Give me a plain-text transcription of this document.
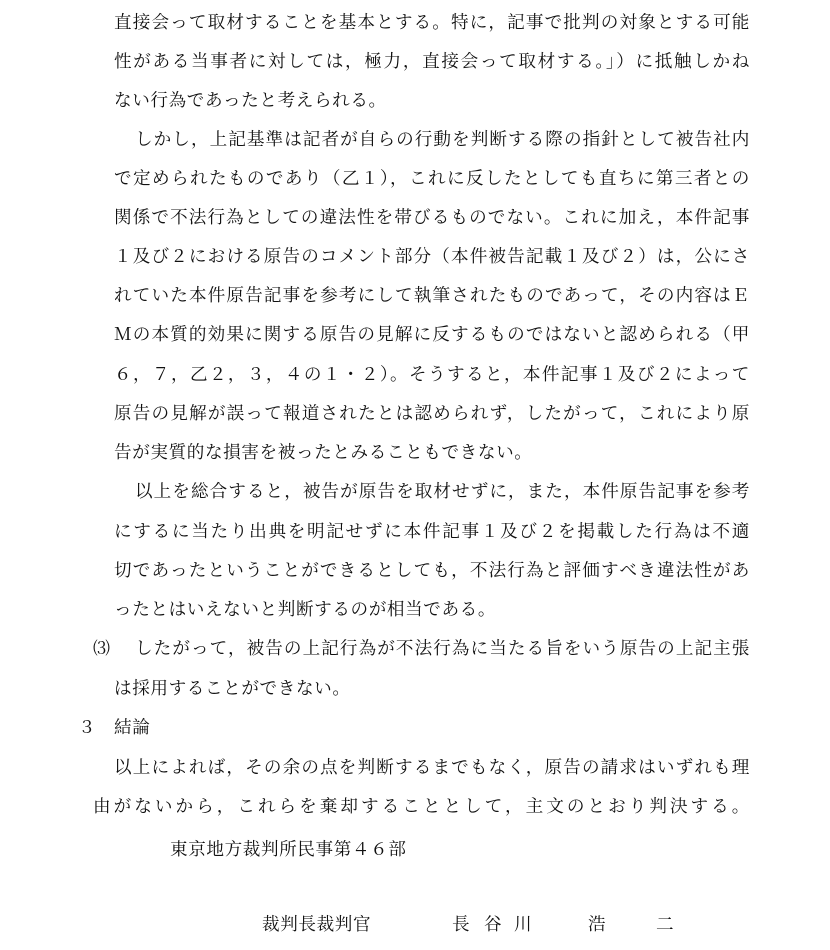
直接会って取材することを基本とする。特に，記事で批判の対象とする可能
性がある当事者に対しては，極力，直接会って取材する。」）に抵触しかね
ない行為であったと考えられる。
しかし，上記基準は記者が自らの行動を判断する際の指針として被告社内
で定められたものであり（乙１），これに反したとしても直ちに第三者との
関係で不法行為としての違法性を帯びるものでない。これに加え，本件記事
１及び２における原告のコメント部分（本件被告記載１及び２）は，公にさ
れていた本件原告記事を参考にして執筆されたものであって，その内容はＥ
Ｍの本質的効果に関する原告の見解に反するものではないと認められる（甲
６，７，乙２，３，４の１・２）。そうすると，本件記事１及び２によって
原告の見解が誤って報道されたとは認められず，したがって，これにより原
告が実質的な損害を被ったとみることもできない。
以上を総合すると，被告が原告を取材せずに，また，本件原告記事を参考
にするに当たり出典を明記せずに本件記事１及び２を掲載した行為は不適
切であったということができるとしても，不法行為と評価すべき違法性があ
ったとはいえないと判断するのが相当である。
⑶ したがって，被告の上記行為が不法行為に当たる旨をいう原告の上記主張
は採用することができない。
３ 結論
以上によれば，その余の点を判断するまでもなく，原告の請求はいずれも理
由がないから，これらを棄却することとして，主文のとおり判決する。
東京地方裁判所民事第４６部
裁判長裁判官	長 谷 川	浩	二
